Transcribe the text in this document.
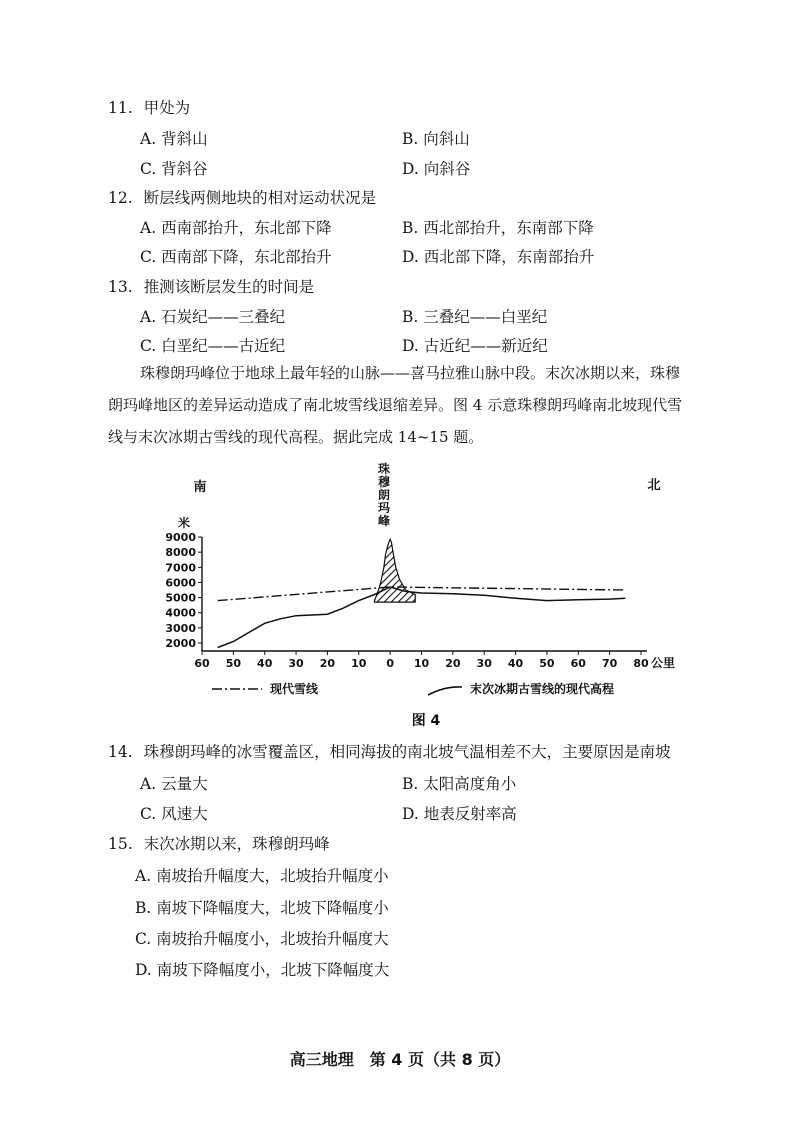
11. 甲处为
A. 背斜山	B. 向斜山
C. 背斜谷	D. 向斜谷
12. 断层线两侧地块的相对运动状况是
A. 西南部抬升，东北部下降	B. 西北部抬升，东南部下降
C. 西南部下降，东北部抬升	D. 西北部下降，东南部抬升
13. 推测该断层发生的时间是
A. 石炭纪——三叠纪	B. 三叠纪——白垩纪
C. 白垩纪——古近纪	D. 古近纪——新近纪
珠穆朗玛峰位于地球上最年轻的山脉——喜马拉雅山脉中段。末次冰期以来，珠穆
朗玛峰地区的差异运动造成了南北坡雪线退缩差异。图 4 示意珠穆朗玛峰南北坡现代雪
线与末次冰期古雪线的现代高程。据此完成 14~15 题。
9000
8000
7000
6000
5000
4000
3000
2000
60 50 40 30 20 10 0 10 20 30 40 50 60 70 80
米
公里
南	北
珠
穆
朗
玛
峰
现代雪线	末次冰期古雪线的现代高程
图 4
14. 珠穆朗玛峰的冰雪覆盖区，相同海拔的南北坡气温相差不大，主要原因是南坡
A. 云量大	B. 太阳高度角小
C. 风速大	D. 地表反射率高
15. 末次冰期以来，珠穆朗玛峰
A. 南坡抬升幅度大，北坡抬升幅度小
B. 南坡下降幅度大，北坡下降幅度小
C. 南坡抬升幅度小，北坡抬升幅度大
D. 南坡下降幅度小，北坡下降幅度大
高三地理　第 4 页（共 8 页）
